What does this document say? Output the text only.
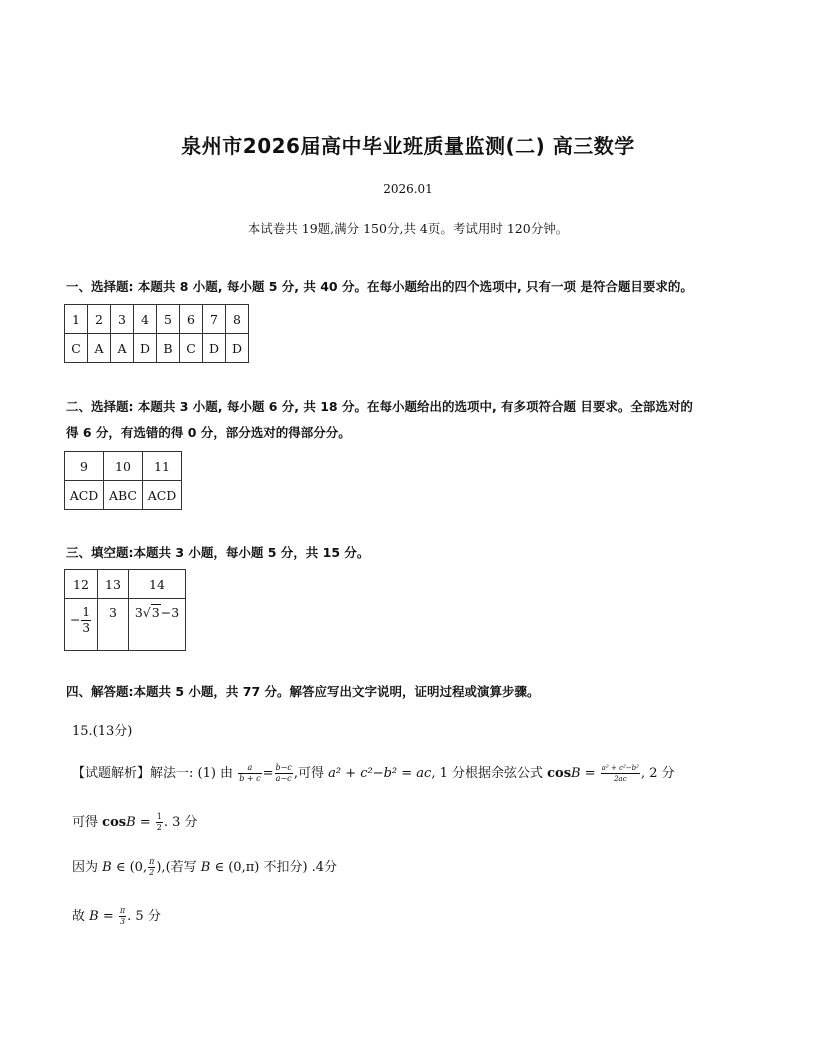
泉州市2026届高中毕业班质量监测(二) 高三数学
2026.01
本试卷共 19题,满分 150分,共 4页。考试用时 120分钟。
一、选择题: 本题共 8 小题, 每小题 5 分, 共 40 分。在每小题给出的四个选项中, 只有一项 是符合题目要求的。
1	2	3	4	5	6	7	8
C	A	A	D	B	C	D	D
二、选择题: 本题共 3 小题, 每小题 6 分, 共 18 分。在每小题给出的选项中, 有多项符合题 目要求。全部选对的
得 6 分，有选错的得 0 分，部分选对的得部分分。
9	10	11
ACD	ABC	ACD
三、填空题:本题共 3 小题，每小题 5 分，共 15 分。
12	13	14
− $\frac{1}{3}$	3	3√3−3
四、解答题:本题共 5 小题，共 77 分。解答应写出文字说明，证明过程或演算步骤。
15.(13分)
【试题解析】解法一: (1) 由 $\frac{a}{b + c} = \frac{b-c}{a-c}$ ,可得 a² + c²−b² = ac, 1 分根据余弦公式 $\cos B = \frac{\text{a² + c²−b²}}{2ac}$ , 2 分
可得 $\cos B = \frac{1}{2}$ . 3 分
因为 B ∈ (0, $\frac{\pi}{2}$ ),(若写 B ∈ (0,π) 不扣分) .4分
故 $B = \frac{\pi}{3}$ . 5 分
